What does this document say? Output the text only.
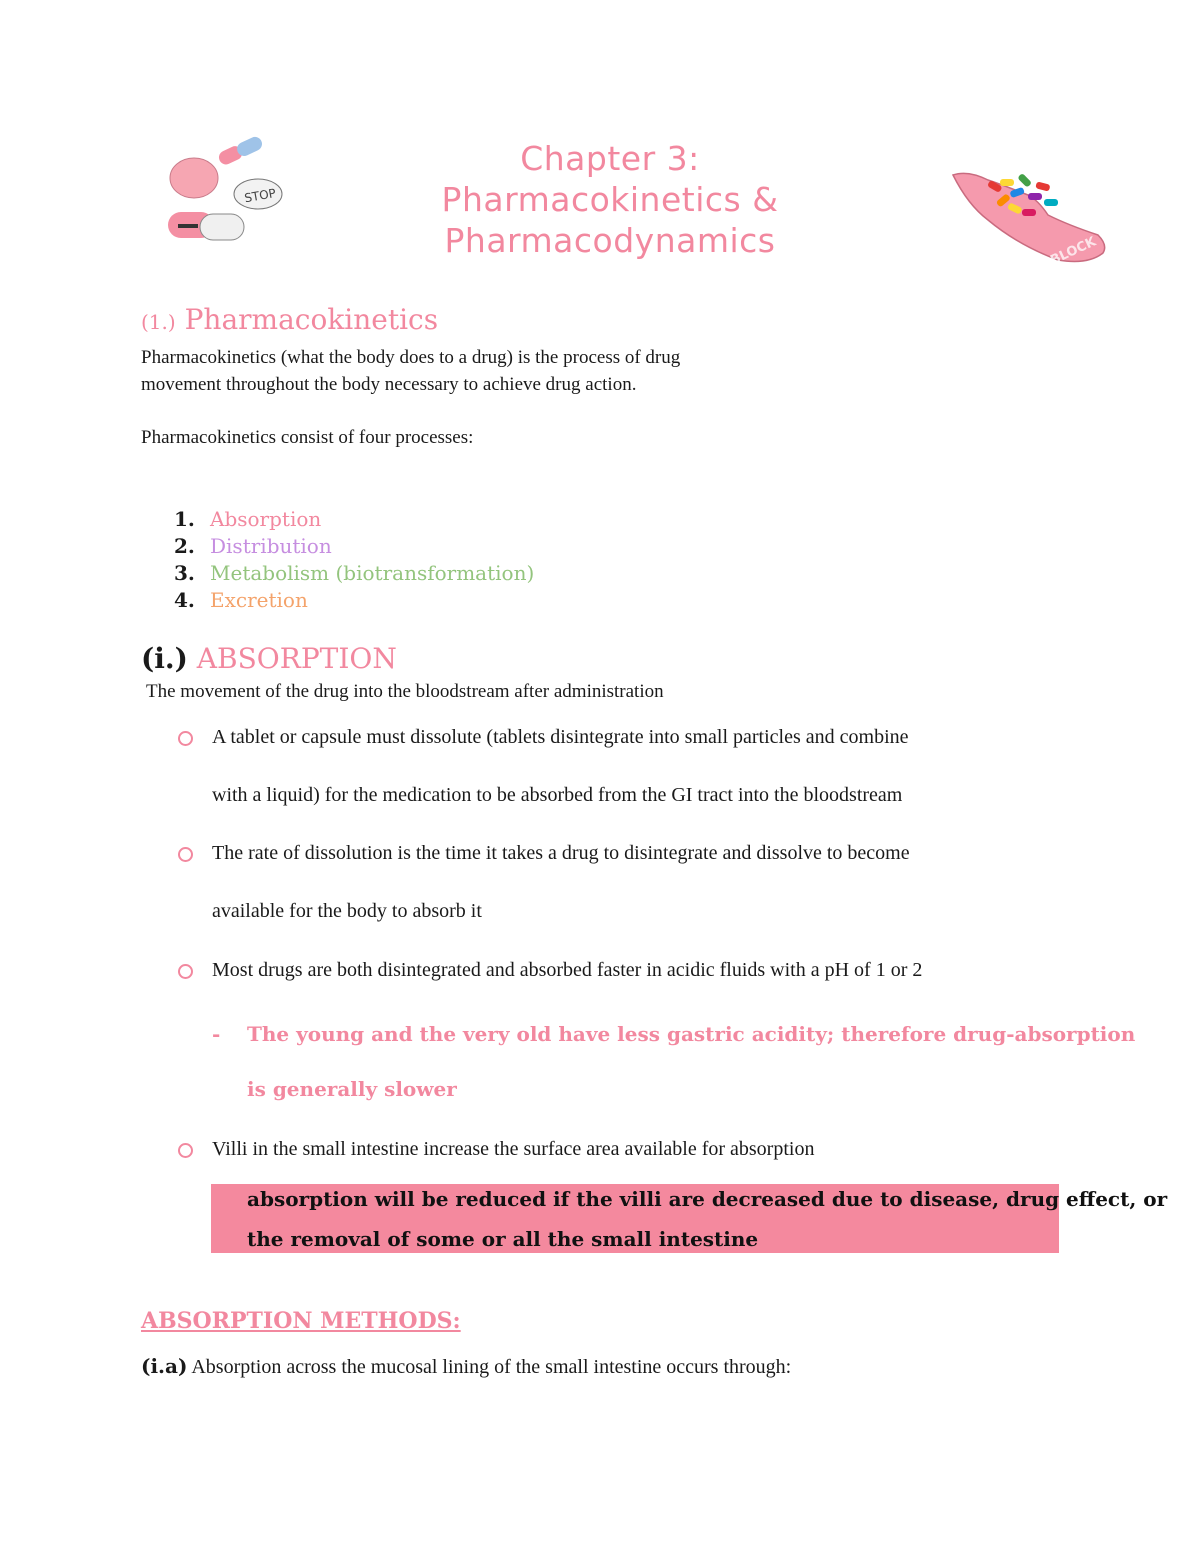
STOP
Chapter 3:
Pharmacokinetics &
Pharmacodynamics	BLOCK
(1.) Pharmacokinetics
Pharmacokinetics (what the body does to a drug) is the process of drug
movement throughout the body necessary to achieve drug action.
Pharmacokinetics consist of four processes:
1. Absorption
2. Distribution
3. Metabolism (biotransformation)
4. Excretion
(i.) ABSORPTION
The movement of the drug into the bloodstream after administration
A tablet or capsule must dissolute (tablets disintegrate into small particles and combine
with a liquid) for the medication to be absorbed from the GI tract into the bloodstream
The rate of dissolution is the time it takes a drug to disintegrate and dissolve to become
available for the body to absorb it
Most drugs are both disintegrated and absorbed faster in acidic fluids with a pH of 1 or 2
- The young and the very old have less gastric acidity; therefore drug-absorption
is generally slower
Villi in the small intestine increase the surface area available for absorption
absorption will be reduced if the villi are decreased due to disease, drug effect, or
the removal of some or all the small intestine
ABSORPTION METHODS:
(i.a) Absorption across the mucosal lining of the small intestine occurs through:
